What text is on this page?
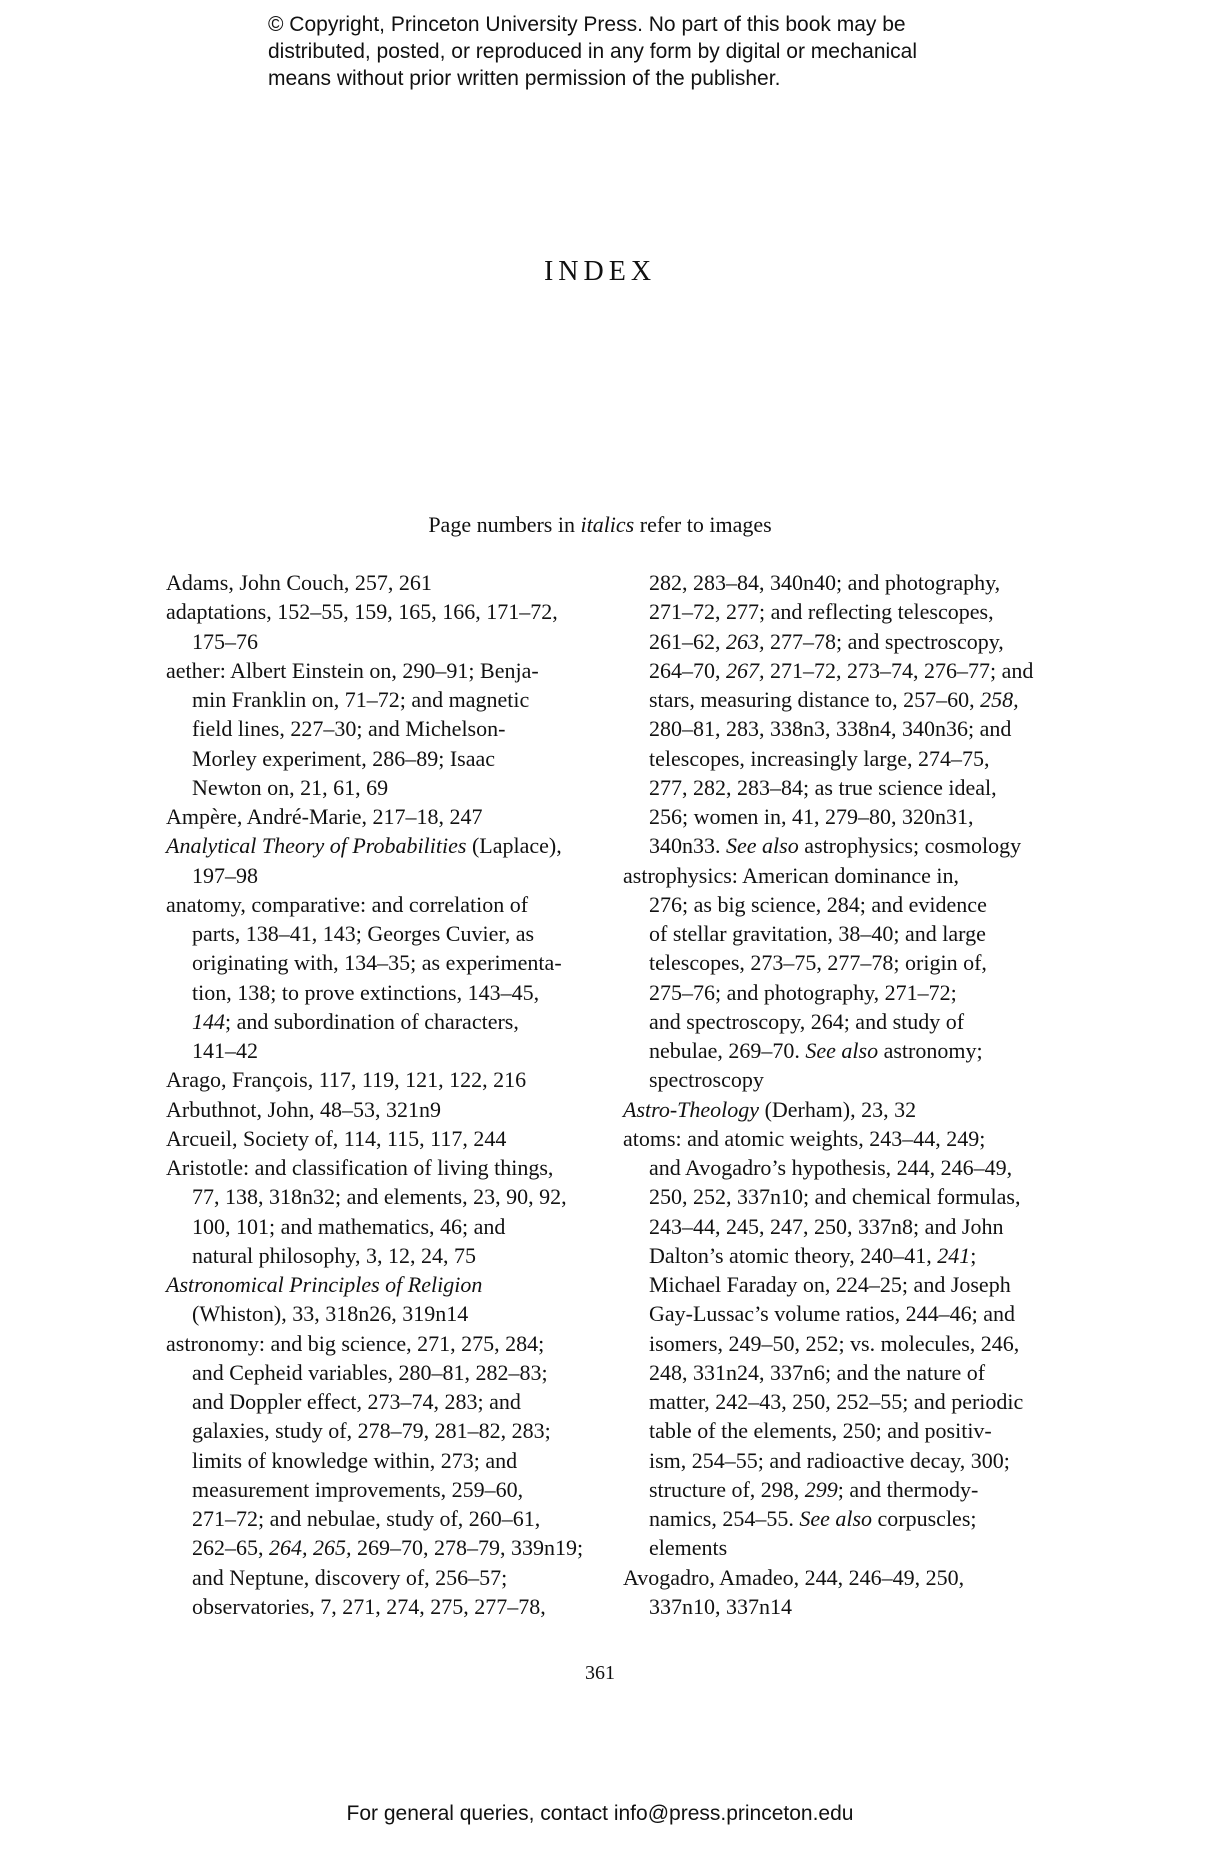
© Copyright, Princeton University Press. No part of this book may be
distributed, posted, or reproduced in any form by digital or mechanical
means without prior written permission of the publisher.
INDEX
Page numbers in italics refer to images
Adams, John Couch, 257, 261
adaptations, 152–55, 159, 165, 166, 171–72,
175–76
aether: Albert Einstein on, 290–91; Benja-
min Franklin on, 71–72; and magnetic
field lines, 227–30; and Michelson-
Morley experiment, 286–89; Isaac
Newton on, 21, 61, 69
Ampère, André-Marie, 217–18, 247
Analytical Theory of Probabilities (Laplace),
197–98
anatomy, comparative: and correlation of
parts, 138–41, 143; Georges Cuvier, as
originating with, 134–35; as experimenta-
tion, 138; to prove extinctions, 143–45,
144; and subordination of characters,
141–42
Arago, François, 117, 119, 121, 122, 216
Arbuthnot, John, 48–53, 321n9
Arcueil, Society of, 114, 115, 117, 244
Aristotle: and classification of living things,
77, 138, 318n32; and elements, 23, 90, 92,
100, 101; and mathematics, 46; and
natural philosophy, 3, 12, 24, 75
Astronomical Principles of Religion
(Whiston), 33, 318n26, 319n14
astronomy: and big science, 271, 275, 284;
and Cepheid variables, 280–81, 282–83;
and Doppler effect, 273–74, 283; and
galaxies, study of, 278–79, 281–82, 283;
limits of knowledge within, 273; and
measurement improvements, 259–60,
271–72; and nebulae, study of, 260–61,
262–65, 264, 265, 269–70, 278–79, 339n19;
and Neptune, discovery of, 256–57;
observatories, 7, 271, 274, 275, 277–78,
282, 283–84, 340n40; and photography,
271–72, 277; and reflecting telescopes,
261–62, 263, 277–78; and spectroscopy,
264–70, 267, 271–72, 273–74, 276–77; and
stars, measuring distance to, 257–60, 258,
280–81, 283, 338n3, 338n4, 340n36; and
telescopes, increasingly large, 274–75,
277, 282, 283–84; as true science ideal,
256; women in, 41, 279–80, 320n31,
340n33. See also astrophysics; cosmology
astrophysics: American dominance in,
276; as big science, 284; and evidence
of stellar gravitation, 38–40; and large
telescopes, 273–75, 277–78; origin of,
275–76; and photography, 271–72;
and spectroscopy, 264; and study of
nebulae, 269–70. See also astronomy;
spectroscopy
Astro-Theology (Derham), 23, 32
atoms: and atomic weights, 243–44, 249;
and Avogadro’s hypothesis, 244, 246–49,
250, 252, 337n10; and chemical formulas,
243–44, 245, 247, 250, 337n8; and John
Dalton’s atomic theory, 240–41, 241;
Michael Faraday on, 224–25; and Joseph
Gay-Lussac’s volume ratios, 244–46; and
isomers, 249–50, 252; vs. molecules, 246,
248, 331n24, 337n6; and the nature of
matter, 242–43, 250, 252–55; and periodic
table of the elements, 250; and positiv-
ism, 254–55; and radioactive decay, 300;
structure of, 298, 299; and thermody-
namics, 254–55. See also corpuscles;
elements
Avogadro, Amadeo, 244, 246–49, 250,
337n10, 337n14
361
For general queries, contact info@press.princeton.edu
